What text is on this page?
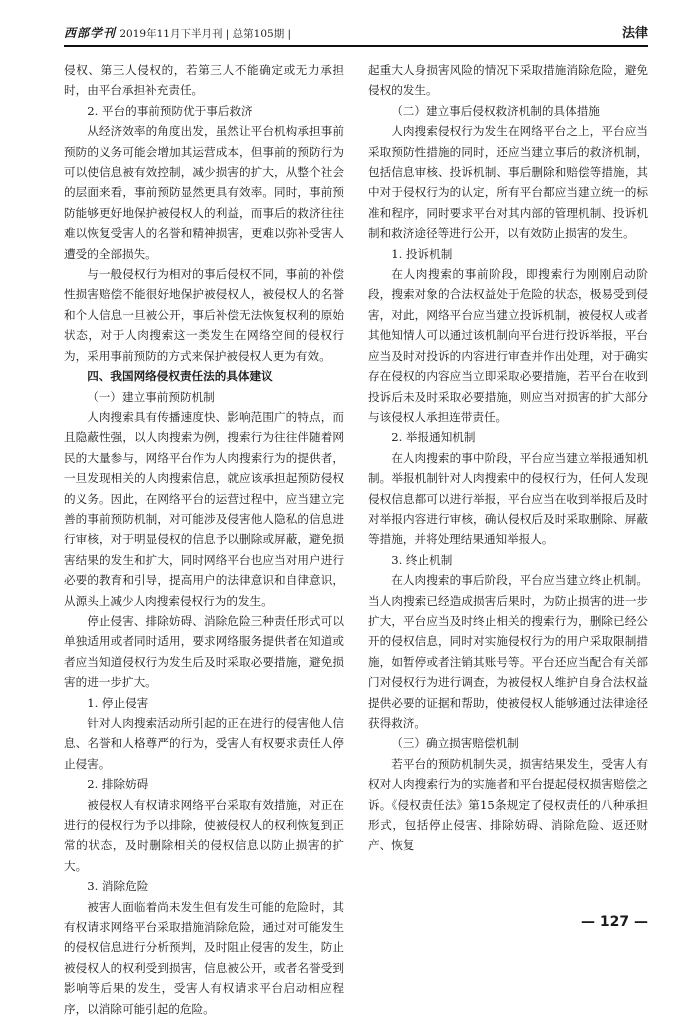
西部学刊 2019年11月下半月刊 | 总第105期 |	法律

侵权、第三人侵权的，若第三人不能确定或无力承担时，由平台承担补充责任。

2. 平台的事前预防优于事后救济

从经济效率的角度出发，虽然让平台机构承担事前预防的义务可能会增加其运营成本，但事前的预防行为可以使信息被有效控制，减少损害的扩大，从整个社会的层面来看，事前预防显然更具有效率。同时，事前预防能够更好地保护被侵权人的利益，而事后的救济往往难以恢复受害人的名誉和精神损害，更难以弥补受害人遭受的全部损失。

与一般侵权行为相对的事后侵权不同，事前的补偿性损害赔偿不能很好地保护被侵权人，被侵权人的名誉和个人信息一旦被公开，事后补偿无法恢复权利的原始状态，对于人肉搜索这一类发生在网络空间的侵权行为，采用事前预防的方式来保护被侵权人更为有效。

四、我国网络侵权责任法的具体建议
（一）建立事前预防机制

人肉搜索具有传播速度快、影响范围广的特点，而且隐蔽性强，以人肉搜索为例，搜索行为往往伴随着网民的大量参与，网络平台作为人肉搜索行为的提供者，一旦发现相关的人肉搜索信息，就应该承担起预防侵权的义务。因此，在网络平台的运营过程中，应当建立完善的事前预防机制，对可能涉及侵害他人隐私的信息进行审核，对于明显侵权的信息予以删除或屏蔽，避免损害结果的发生和扩大，同时网络平台也应当对用户进行必要的教育和引导，提高用户的法律意识和自律意识，从源头上减少人肉搜索侵权行为的发生。

停止侵害、排除妨碍、消除危险三种责任形式可以单独适用或者同时适用，要求网络服务提供者在知道或者应当知道侵权行为发生后及时采取必要措施，避免损害的进一步扩大。

1. 停止侵害

针对人肉搜索活动所引起的正在进行的侵害他人信息、名誉和人格尊严的行为，受害人有权要求责任人停止侵害。

2. 排除妨碍

被侵权人有权请求网络平台采取有效措施，对正在进行的侵权行为予以排除，使被侵权人的权利恢复到正常的状态，及时删除相关的侵权信息以防止损害的扩大。

3. 消除危险

被害人面临着尚未发生但有发生可能的危险时，其有权请求网络平台采取措施消除危险，通过对可能发生的侵权信息进行分析预判，及时阻止侵害的发生，防止被侵权人的权利受到损害，信息被公开，或者名誉受到影响等后果的发生，受害人有权请求平台启动相应程序，以消除可能引起的危险。

起重大人身损害风险的情况下采取措施消除危险，避免侵权的发生。

（二）建立事后侵权救济机制的具体措施

人肉搜索侵权行为发生在网络平台之上，平台应当采取预防性措施的同时，还应当建立事后的救济机制，包括信息审核、投诉机制、事后删除和赔偿等措施，其中对于侵权行为的认定，所有平台都应当建立统一的标准和程序，同时要求平台对其内部的管理机制、投诉机制和救济途径等进行公开，以有效防止损害的发生。

1. 投诉机制

在人肉搜索的事前阶段，即搜索行为刚刚启动阶段，搜索对象的合法权益处于危险的状态，极易受到侵害，对此，网络平台应当建立投诉机制，被侵权人或者其他知情人可以通过该机制向平台进行投诉举报，平台应当及时对投诉的内容进行审查并作出处理，对于确实存在侵权的内容应当立即采取必要措施，若平台在收到投诉后未及时采取必要措施，则应当对损害的扩大部分与该侵权人承担连带责任。

2. 举报通知机制

在人肉搜索的事中阶段，平台应当建立举报通知机制。举报机制针对人肉搜索中的侵权行为，任何人发现侵权信息都可以进行举报，平台应当在收到举报后及时对举报内容进行审核，确认侵权后及时采取删除、屏蔽等措施，并将处理结果通知举报人。

3. 终止机制

在人肉搜索的事后阶段，平台应当建立终止机制。当人肉搜索已经造成损害后果时，为防止损害的进一步扩大，平台应当及时终止相关的搜索行为，删除已经公开的侵权信息，同时对实施侵权行为的用户采取限制措施，如暂停或者注销其账号等。平台还应当配合有关部门对侵权行为进行调查，为被侵权人维护自身合法权益提供必要的证据和帮助，使被侵权人能够通过法律途径获得救济。

（三）确立损害赔偿机制

若平台的预防机制失灵，损害结果发生，受害人有权对人肉搜索行为的实施者和平台提起侵权损害赔偿之诉。《侵权责任法》第15条规定了侵权责任的八种承担形式，包括停止侵害、排除妨碍、消除危险、返还财产、恢复

— 127 —
